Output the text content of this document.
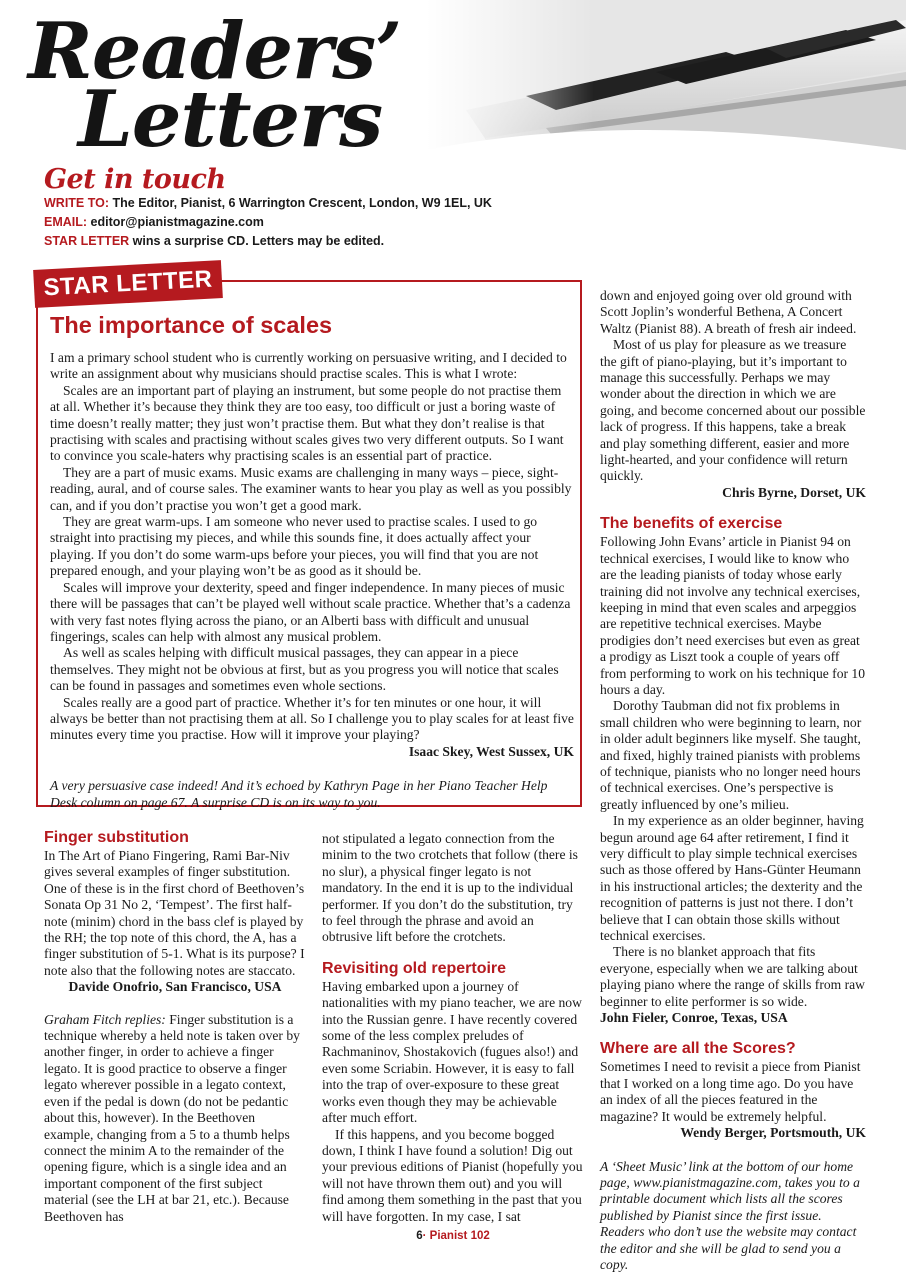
Readers’
Letters
Get in touch
WRITE TO: The Editor, Pianist, 6 Warrington Crescent, London, W9 1EL, UK
EMAIL: editor@pianistmagazine.com
STAR LETTER wins a surprise CD. Letters may be edited.
STAR LETTER
The importance of scales

I am a primary school student who is currently working on persuasive writing, and I decided to write an assignment about why musicians should practise scales. This is what I wrote:

Scales are an important part of playing an instrument, but some people do not practise them at all. Whether it’s because they think they are too easy, too difficult or just a boring waste of time doesn’t really matter; they just won’t practise them. But what they don’t realise is that practising with scales and practising without scales gives two very different outputs. So I want to convince you scale-haters why practising scales is an essential part of practice.

They are a part of music exams. Music exams are challenging in many ways – piece, sight-reading, aural, and of course sales. The examiner wants to hear you play as well as you possibly can, and if you don’t practise you won’t get a good mark.

They are great warm-ups. I am someone who never used to practise scales. I used to go straight into practising my pieces, and while this sounds fine, it does actually affect your playing. If you don’t do some warm-ups before your pieces, you will find that you are not prepared enough, and your playing won’t be as good as it should be.

Scales will improve your dexterity, speed and finger independence. In many pieces of music there will be passages that can’t be played well without scale practice. Whether that’s a cadenza with very fast notes flying across the piano, or an Alberti bass with difficult and unusual fingerings, scales can help with almost any musical problem.

As well as scales helping with difficult musical passages, they can appear in a piece themselves. They might not be obvious at first, but as you progress you will notice that scales can be found in passages and sometimes even whole sections.

Scales really are a good part of practice. Whether it’s for ten minutes or one hour, it will always be better than not practising them at all. So I challenge you to play scales for at least five minutes every time you practise. How will it improve your playing?

Isaac Skey, West Sussex, UK

A very persuasive case indeed! And it’s echoed by Kathryn Page in her Piano Teacher Help Desk column on page 67. A surprise CD is on its way to you.

down and enjoyed going over old ground with Scott Joplin’s wonderful Bethena, A Concert Waltz (Pianist 88). A breath of fresh air indeed.

Most of us play for pleasure as we treasure the gift of piano-playing, but it’s important to manage this successfully. Perhaps we may wonder about the direction in which we are going, and become concerned about our possible lack of progress. If this happens, take a break and play something different, easier and more light-hearted, and your confidence will return quickly.

Chris Byrne, Dorset, UK

The benefits of exercise

Following John Evans’ article in Pianist 94 on technical exercises, I would like to know who are the leading pianists of today whose early training did not involve any technical exercises, keeping in mind that even scales and arpeggios are repetitive technical exercises. Maybe prodigies don’t need exercises but even as great a prodigy as Liszt took a couple of years off from performing to work on his technique for 10 hours a day.

Dorothy Taubman did not fix problems in small children who were beginning to learn, nor in older adult beginners like myself. She taught, and fixed, highly trained pianists with problems of technique, pianists who no longer need hours of technical exercises. One’s perspective is greatly influenced by one’s milieu.

In my experience as an older beginner, having begun around age 64 after retirement, I find it very difficult to play simple technical exercises such as those offered by Hans-Günter Heumann in his instructional articles; the dexterity and the recognition of patterns is just not there. I don’t believe that I can obtain those skills without technical exercises.

There is no blanket approach that fits everyone, especially when we are talking about playing piano where the range of skills from raw beginner to elite performer is so wide.

John Fieler, Conroe, Texas, USA

Where are all the Scores?

Sometimes I need to revisit a piece from Pianist that I worked on a long time ago. Do you have an index of all the pieces featured in the magazine? It would be extremely helpful.

Wendy Berger, Portsmouth, UK

A ‘Sheet Music’ link at the bottom of our home page, www.pianistmagazine.com, takes you to a printable document which lists all the scores published by Pianist since the first issue. Readers who don’t use the website may contact the editor and she will be glad to send you a copy.

Finger substitution

In The Art of Piano Fingering, Rami Bar-Niv gives several examples of finger substitution. One of these is in the first chord of Beethoven’s Sonata Op 31 No 2, ‘Tempest’. The first half-note (minim) chord in the bass clef is played by the RH; the top note of this chord, the A, has a finger substitution of 5-1. What is its purpose? I note also that the following notes are staccato.

Davide Onofrio, San Francisco, USA

Graham Fitch replies: Finger substitution is a technique whereby a held note is taken over by another finger, in order to achieve a finger legato. It is good practice to observe a finger legato wherever possible in a legato context, even if the pedal is down (do not be pedantic about this, however). In the Beethoven example, changing from a 5 to a thumb helps connect the minim A to the remainder of the opening figure, which is a single idea and an important component of the first subject material (see the LH at bar 21, etc.). Because Beethoven has

not stipulated a legato connection from the minim to the two crotchets that follow (there is no slur), a physical finger legato is not mandatory. In the end it is up to the individual performer. If you don’t do the substitution, try to feel through the phrase and avoid an obtrusive lift before the crotchets.

Revisiting old repertoire

Having embarked upon a journey of nationalities with my piano teacher, we are now into the Russian genre. I have recently covered some of the less complex preludes of Rachmaninov, Shostakovich (fugues also!) and even some Scriabin. However, it is easy to fall into the trap of over-exposure to these great works even though they may be achievable after much effort.

If this happens, and you become bogged down, I think I have found a solution! Dig out your previous editions of Pianist (hopefully you will not have thrown them out) and you will find among them something in the past that you will have forgotten. In my case, I sat

6· Pianist 102
